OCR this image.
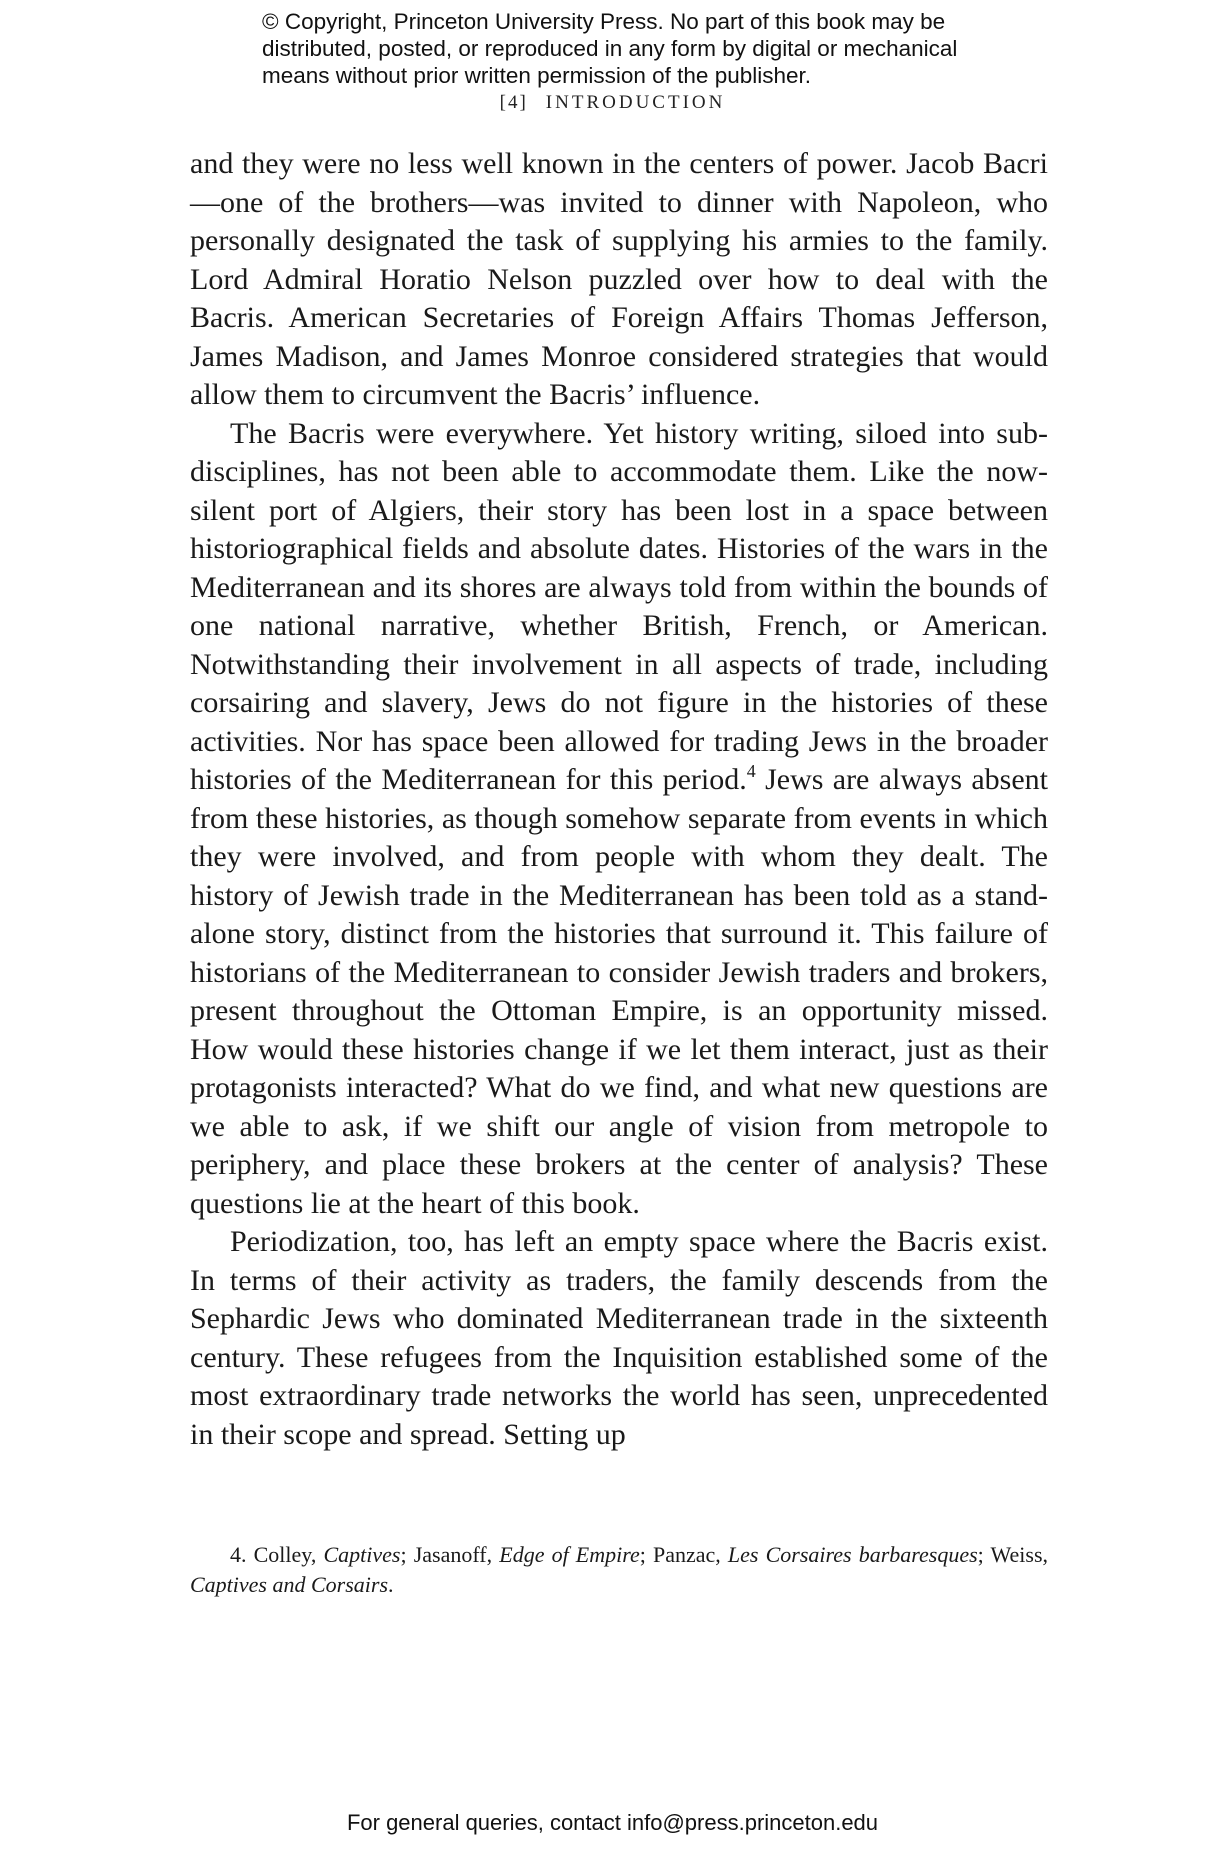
© Copyright, Princeton University Press. No part of this book may be
distributed, posted, or reproduced in any form by digital or mechanical
means without prior written permission of the publisher.
[4] INTRODUCTION

and they were no less well known in the centers of power. Jacob Bacri—one of the brothers—was invited to dinner with Napoleon, who personally designated the task of supplying his armies to the family. Lord Admiral Horatio Nelson puzzled over how to deal with the Bacris. American Secretaries of Foreign Affairs Thomas Jefferson, James Madison, and James Monroe considered strategies that would allow them to circumvent the Bacris’ influence.

The Bacris were everywhere. Yet history writing, siloed into subdisciplines, has not been able to accommodate them. Like the now-silent port of Algiers, their story has been lost in a space between historiographical fields and absolute dates. Histories of the wars in the Mediterranean and its shores are always told from within the bounds of one national narrative, whether British, French, or American. Notwithstanding their involvement in all aspects of trade, including corsairing and slavery, Jews do not figure in the histories of these activities. Nor has space been allowed for trading Jews in the broader histories of the Mediterranean for this period.$^4$ Jews are always absent from these histories, as though somehow separate from events in which they were involved, and from people with whom they dealt. The history of Jewish trade in the Mediterranean has been told as a stand-alone story, distinct from the histories that surround it. This failure of historians of the Mediterranean to consider Jewish traders and brokers, present throughout the Ottoman Empire, is an opportunity missed. How would these histories change if we let them interact, just as their protagonists interacted? What do we find, and what new questions are we able to ask, if we shift our angle of vision from metropole to periphery, and place these brokers at the center of analysis? These questions lie at the heart of this book.

Periodization, too, has left an empty space where the Bacris exist. In terms of their activity as traders, the family descends from the Sephardic Jews who dominated Mediterranean trade in the sixteenth century. These refugees from the Inquisition established some of the most extraordinary trade networks the world has seen, unprecedented in their scope and spread. Setting up

4. Colley, Captives; Jasanoff, Edge of Empire; Panzac, Les Corsaires barbaresques; Weiss, Captives and Corsairs.

For general queries, contact info@press.princeton.edu
